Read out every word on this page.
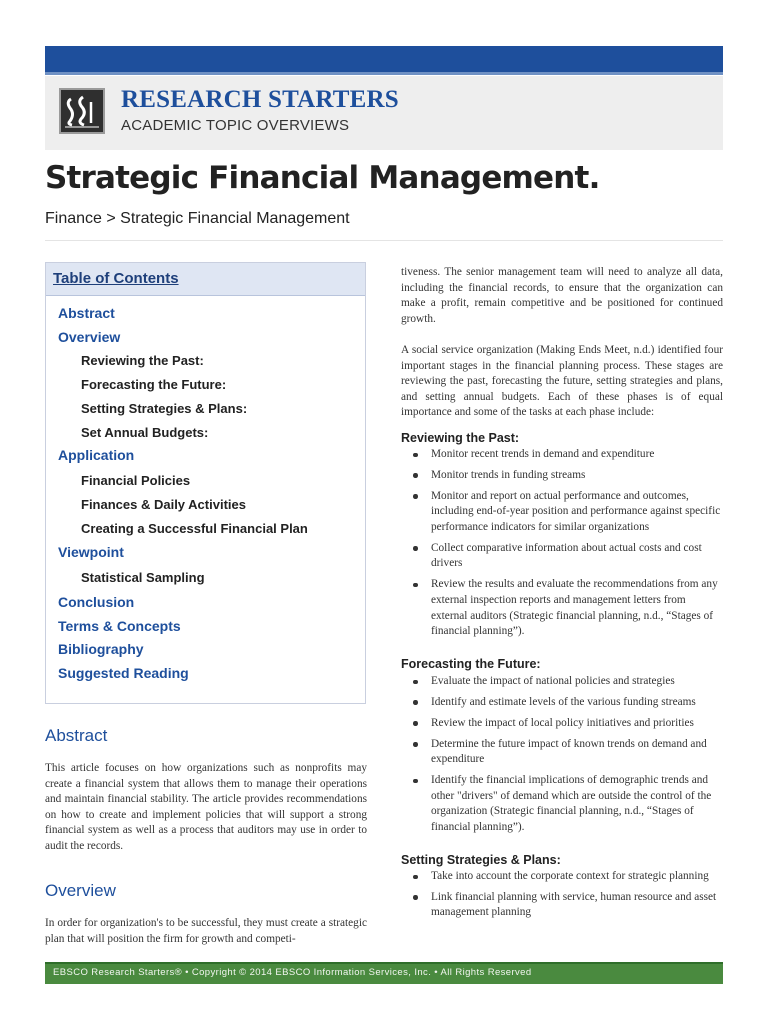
RESEARCH STARTERS
ACADEMIC TOPIC OVERVIEWS
Strategic Financial Management.
Finance > Strategic Financial Management
Table of Contents
Abstract
Overview
Reviewing the Past:
Forecasting the Future:
Setting Strategies & Plans:
Set Annual Budgets:
Application
Financial Policies
Finances & Daily Activities
Creating a Successful Financial Plan
Viewpoint
Statistical Sampling
Conclusion
Terms & Concepts
Bibliography
Suggested Reading
Abstract

This article focuses on how organizations such as nonprofits may create a financial system that allows them to manage their operations and maintain financial stability. The article provides recommendations on how to create and implement policies that will support a strong financial system as well as a process that auditors may use in order to audit the records.

Overview

In order for organization's to be successful, they must create a strategic plan that will position the firm for growth and competi-

tiveness. The senior management team will need to analyze all data, including the financial records, to ensure that the organization can make a profit, remain competitive and be positioned for continued growth.

A social service organization (Making Ends Meet, n.d.) identified four important stages in the financial planning process. These stages are reviewing the past, forecasting the future, setting strategies and plans, and setting annual budgets. Each of these phases is of equal importance and some of the tasks at each phase include:

Reviewing the Past:
Monitor recent trends in demand and expenditure
Monitor trends in funding streams
Monitor and report on actual performance and outcomes, including end-of-year position and performance against specific performance indicators for similar organizations
Collect comparative information about actual costs and cost drivers
Review the results and evaluate the recommendations from any external inspection reports and management letters from external auditors (Strategic financial planning, n.d., “Stages of financial planning”).
Forecasting the Future:
Evaluate the impact of national policies and strategies
Identify and estimate levels of the various funding streams
Review the impact of local policy initiatives and priorities
Determine the future impact of known trends on demand and expenditure
Identify the financial implications of demographic trends and other "drivers" of demand which are outside the control of the organization (Strategic financial planning, n.d., “Stages of financial planning”).
Setting Strategies & Plans:
Take into account the corporate context for strategic planning
Link financial planning with service, human resource and asset management planning
EBSCO Research Starters® • Copyright © 2014 EBSCO Information Services, Inc. • All Rights Reserved
